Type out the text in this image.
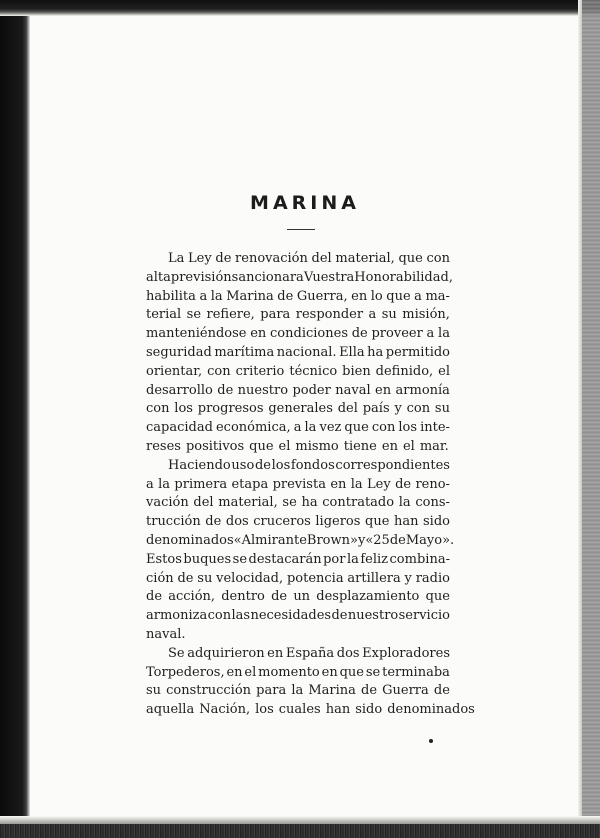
MARINA
La Ley de renovación del material, que con
alta previsión sancionara Vuestra Honorabilidad,
habilita a la Marina de Guerra, en lo que a ma-
terial se refiere, para responder a su misión,
manteniéndose en condiciones de proveer a la
seguridad marítima nacional. Ella ha permitido
orientar, con criterio técnico bien definido, el
desarrollo de nuestro poder naval en armonía
con los progresos generales del país y con su
capacidad económica, a la vez que con los inte-
reses positivos que el mismo tiene en el mar.
Haciendo uso de los fondos correspondientes
a la primera etapa prevista en la Ley de reno-
vación del material, se ha contratado la cons-
trucción de dos cruceros ligeros que han sido
denominados «Almirante Brown» y «25 de Mayo».
Estos buques se destacarán por la feliz combina-
ción de su velocidad, potencia artillera y radio
de acción, dentro de un desplazamiento que
armoniza con las necesidades de nuestro servicio
naval.
Se adquirieron en España dos Exploradores
Torpederos, en el momento en que se terminaba
su construcción para la Marina de Guerra de
aquella Nación, los cuales han sido denominados
